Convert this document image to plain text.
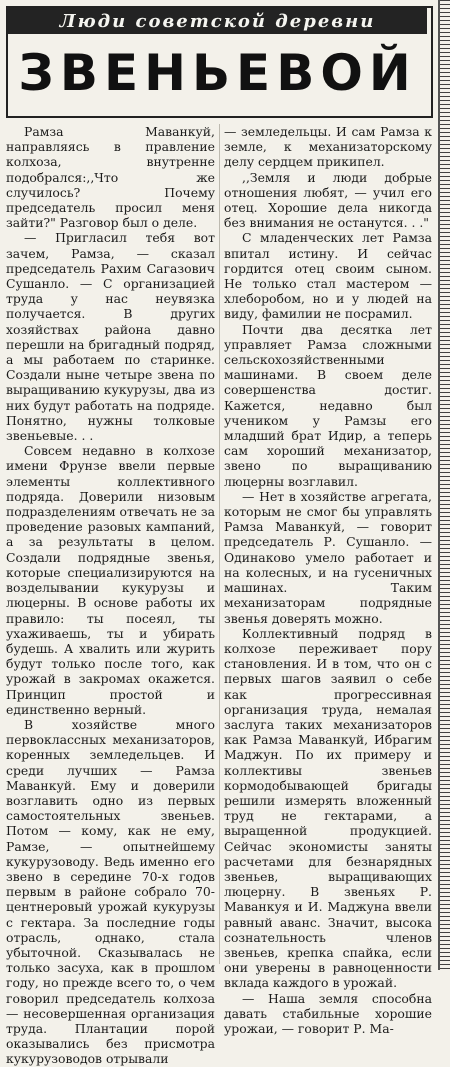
Люди советской деревни
ЗВЕНЬЕВОЙ

Рамза Маванкуй, направляясь в правление колхоза, внутренне подобрался:,,Что же случилось? Почему председатель просил меня зайти?" Разговор был о деле.

— Пригласил тебя вот зачем, Рамза, — сказал председатель Рахим Сагазович Сушанло. — С организацией труда у нас неувязка получается. В других хозяйствах района давно перешли на бригадный подряд, а мы работаем по старинке. Создали ныне четыре звена по выращиванию кукурузы, два из них будут работать на подряде. Понятно, нужны толковые звеньевые. . .

Совсем недавно в колхозе имени Фрунзе ввели первые элементы коллективного подряда. Доверили низовым подразделениям отвечать не за проведение разовых кампаний, а за результаты в целом. Создали подрядные звенья, которые специализируются на возделывании кукурузы и люцерны. В основе работы их правило: ты посеял, ты ухаживаешь, ты и убирать будешь. А хвалить или журить будут только после того, как урожай в закромах окажется. Принцип простой и единственно верный.

В хозяйстве много первоклассных механизаторов, коренных земледельцев. И среди лучших — Рамза Маванкуй. Ему и доверили возглавить одно из первых самостоятельных звеньев. Потом — кому, как не ему, Рамзе, — опытнейшему кукурузоводу. Ведь именно его звено в середине 70-х годов первым в районе собрало 70-центнеровый урожай кукурузы с гектара. За последние годы отрасль, однако, стала убыточной. Сказывалась не только засуха, как в прошлом году, но прежде всего то, о чем говорил председатель колхоза — несовершенная организация труда. Плантации порой оказывались без присмотра кукурузоводов отрывали

— земледельцы. И сам Рамза к земле, к механизаторскому делу сердцем прикипел.

,,Земля и люди добрые отношения любят, — учил его отец. Хорошие дела никогда без внимания не останутся. . ."

С младенческих лет Рамза впитал истину. И сейчас гордится отец своим сыном. Не только стал мастером — хлеборобом, но и у людей на виду, фамилии не посрамил.

Почти два десятка лет управляет Рамза сложными сельскохозяйственными машинами. В своем деле совершенства достиг. Кажется, недавно был учеником у Рамзы его младший брат Идир, а теперь сам хороший механизатор, звено по выращиванию люцерны возглавил.

— Нет в хозяйстве агрегата, которым не смог бы управлять Рамза Маванкуй, — говорит председатель Р. Сушанло. — Одинаково умело работает и на колесных, и на гусеничных машинах. Таким механизаторам подрядные звенья доверять можно.

Коллективный подряд в колхозе переживает пору становления. И в том, что он с первых шагов заявил о себе как прогрессивная организация труда, немалая заслуга таких механизаторов как Рамза Маванкуй, Ибрагим Маджун. По их примеру и коллективы звеньев кормодобывающей бригады решили измерять вложенный труд не гектарами, а выращенной продукцией. Сейчас экономисты заняты расчетами для безнарядных звеньев, выращивающих люцерну. В звеньях Р. Маванкуя и И. Маджуна ввели равный аванс. Значит, высока сознательность членов звеньев, крепка спайка, если они уверены в равноценности вклада каждого в урожай.

— Наша земля способна давать стабильные хорошие урожаи, — говорит Р. Ма-
